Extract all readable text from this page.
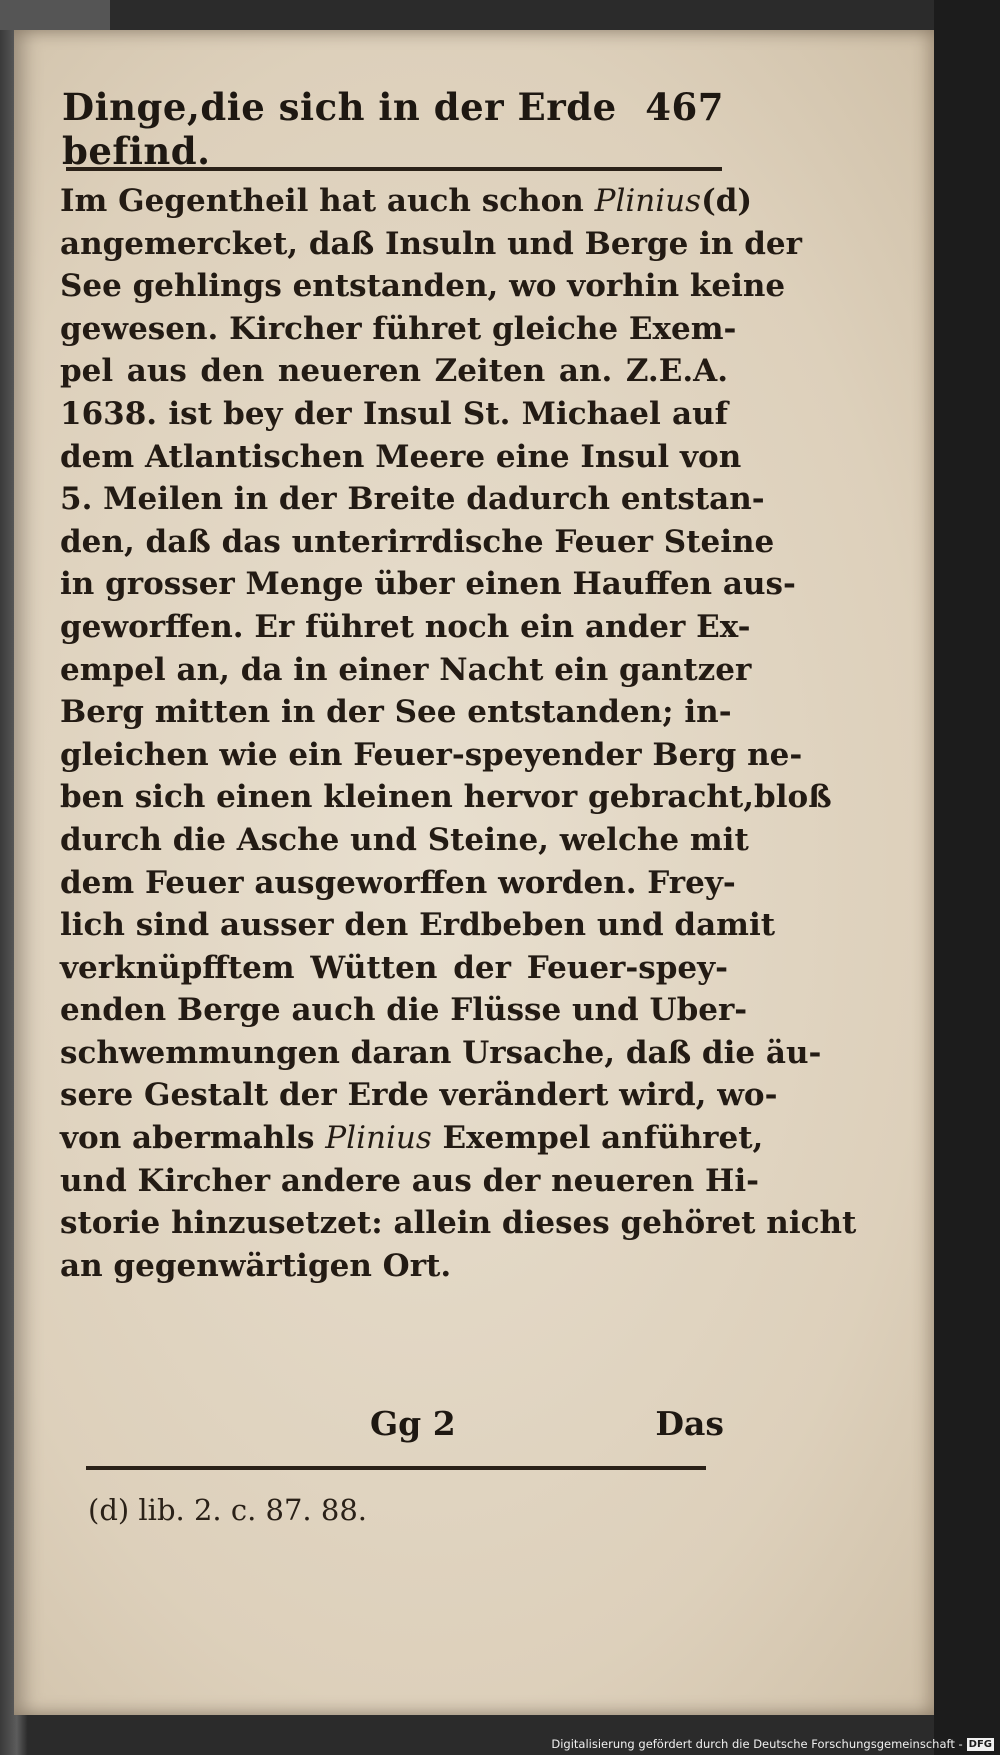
Dinge,die sich in der Erde befind.
467
Im Gegentheil hat auch schon Plinius(d)
angemercket, daß Insuln und Berge in der
See gehlings entstanden, wo vorhin keine
gewesen. Kircher führet gleiche Exem-
pel aus den neueren Zeiten an. Z.E.A.
1638. ist bey der Insul St. Michael auf
dem Atlantischen Meere eine Insul von
5. Meilen in der Breite dadurch entstan-
den, daß das unterirrdische Feuer Steine
in grosser Menge über einen Hauffen aus-
geworffen. Er führet noch ein ander Ex-
empel an, da in einer Nacht ein gantzer
Berg mitten in der See entstanden; in-
gleichen wie ein Feuer-speyender Berg ne-
ben sich einen kleinen hervor gebracht,bloß
durch die Asche und Steine, welche mit
dem Feuer ausgeworffen worden. Frey-
lich sind ausser den Erdbeben und damit
verknüpfftem Wütten der Feuer-spey-
enden Berge auch die Flüsse und Uber-
schwemmungen daran Ursache, daß die äu-
sere Gestalt der Erde verändert wird, wo-
von abermahls Plinius Exempel anführet,
und Kircher andere aus der neueren Hi-
storie hinzusetzet: allein dieses gehöret nicht
an gegenwärtigen Ort.
Gg 2	Das
(d) lib. 2. c. 87. 88.
Digitalisierung gefördert durch die Deutsche Forschungsgemeinschaft - DFG
